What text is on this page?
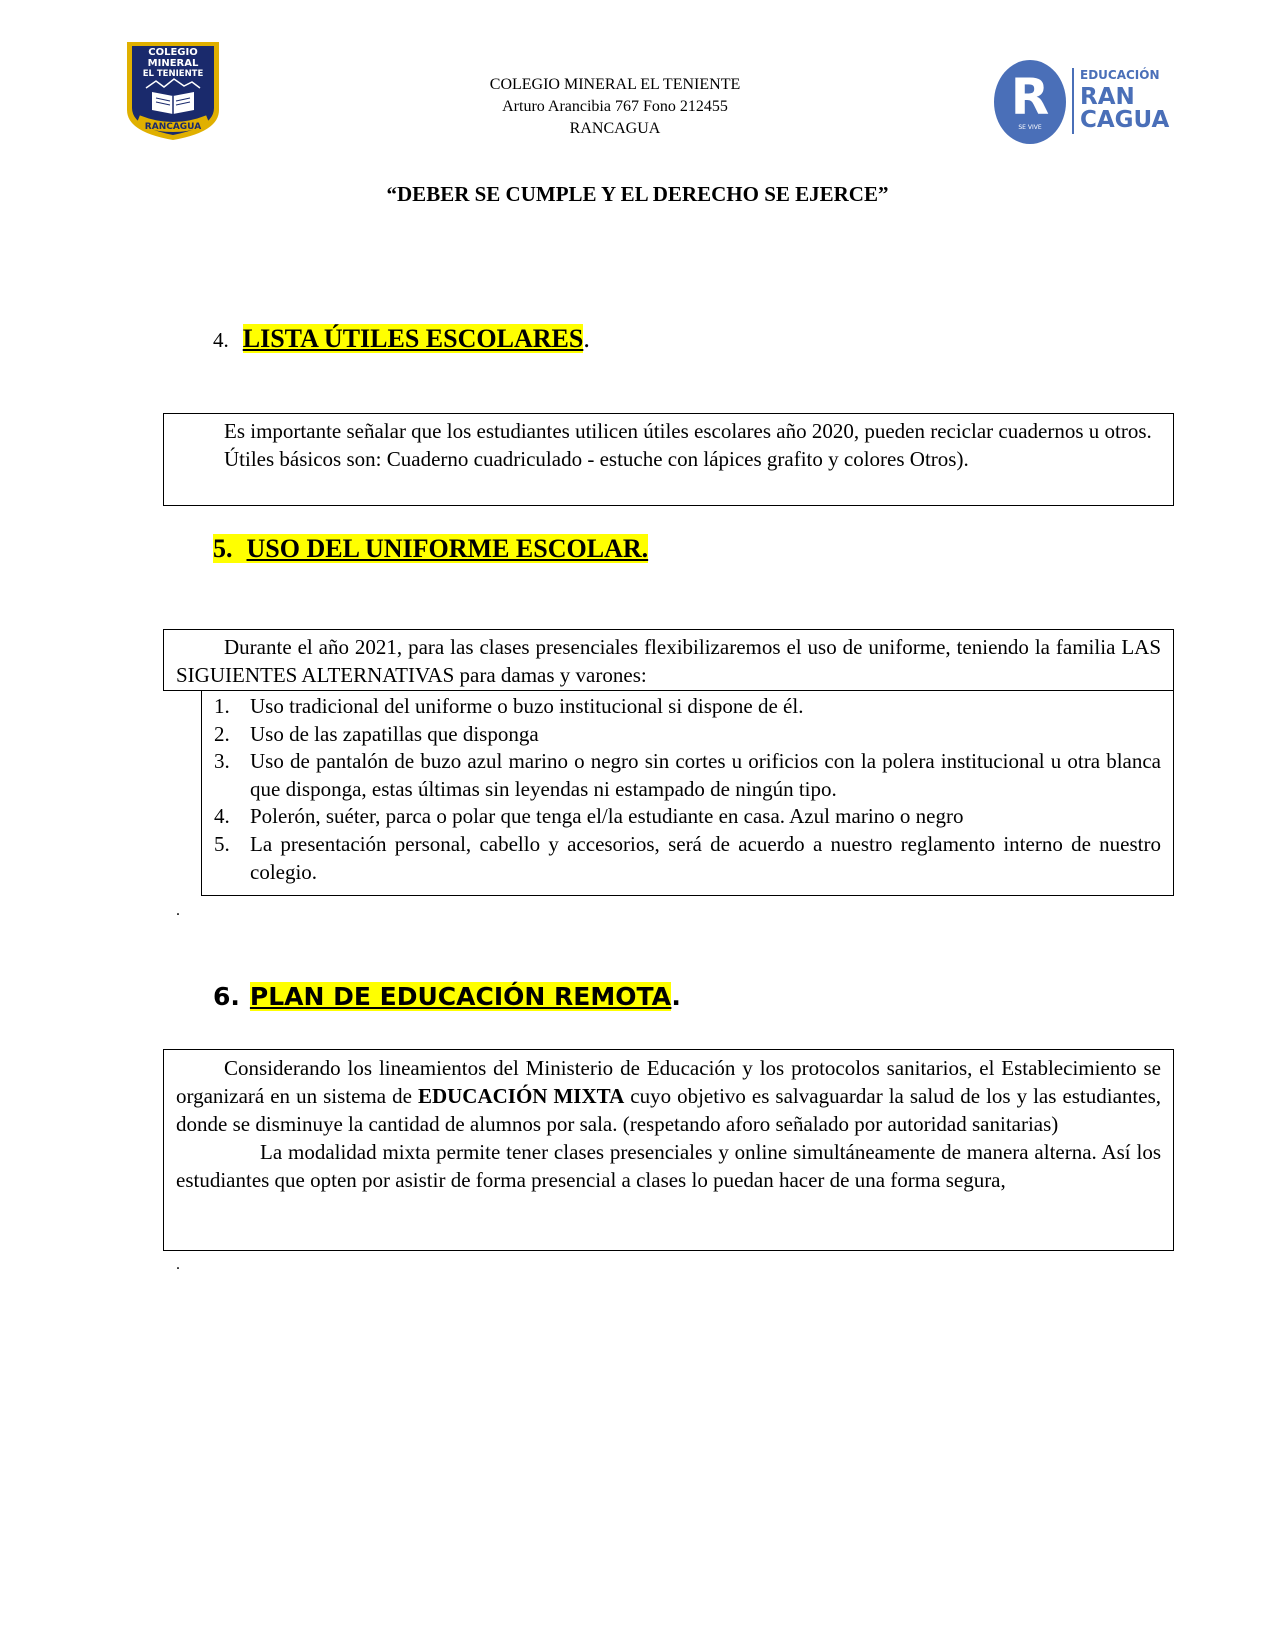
COLEGIO
MINERAL
EL TENIENTE
RANCAGUA
COLEGIO MINERAL EL TENIENTE
Arturo Arancibia 767 Fono 212455
RANCAGUA
R
SE VIVE
EDUCACIÓN
RAN
CAGUA
“DEBER SE CUMPLE Y EL DERECHO SE EJERCE”
4. LISTA ÚTILES ESCOLARES.

Es importante señalar que los estudiantes utilicen útiles escolares año 2020, pueden reciclar cuadernos u otros.

Útiles básicos son: Cuaderno cuadriculado - estuche con lápices grafito y colores Otros).

5. USO DEL UNIFORME ESCOLAR.

Durante el año 2021, para las clases presenciales flexibilizaremos el uso de uniforme, teniendo la familia LAS SIGUIENTES ALTERNATIVAS para damas y varones:

1. Uso tradicional del uniforme o buzo institucional si dispone de él.
2. Uso de las zapatillas que disponga
3. Uso de pantalón de buzo azul marino o negro sin cortes u orificios con la polera institucional u otra blanca que disponga, estas últimas sin leyendas ni estampado de ningún tipo.
4. Polerón, suéter, parca o polar que tenga el/la estudiante en casa. Azul marino o negro
5. La presentación personal, cabello y accesorios, será de acuerdo a nuestro reglamento interno de nuestro colegio.
.
6. PLAN DE EDUCACIÓN REMOTA.

Considerando los lineamientos del Ministerio de Educación y los protocolos sanitarios, el Establecimiento se organizará en un sistema de EDUCACIÓN MIXTA cuyo objetivo es salvaguardar la salud de los y las estudiantes, donde se disminuye la cantidad de alumnos por sala. (respetando aforo señalado por autoridad sanitarias)

La modalidad mixta permite tener clases presenciales y online simultáneamente de manera alterna. Así los estudiantes que opten por asistir de forma presencial a clases lo puedan hacer de una forma segura,

.
